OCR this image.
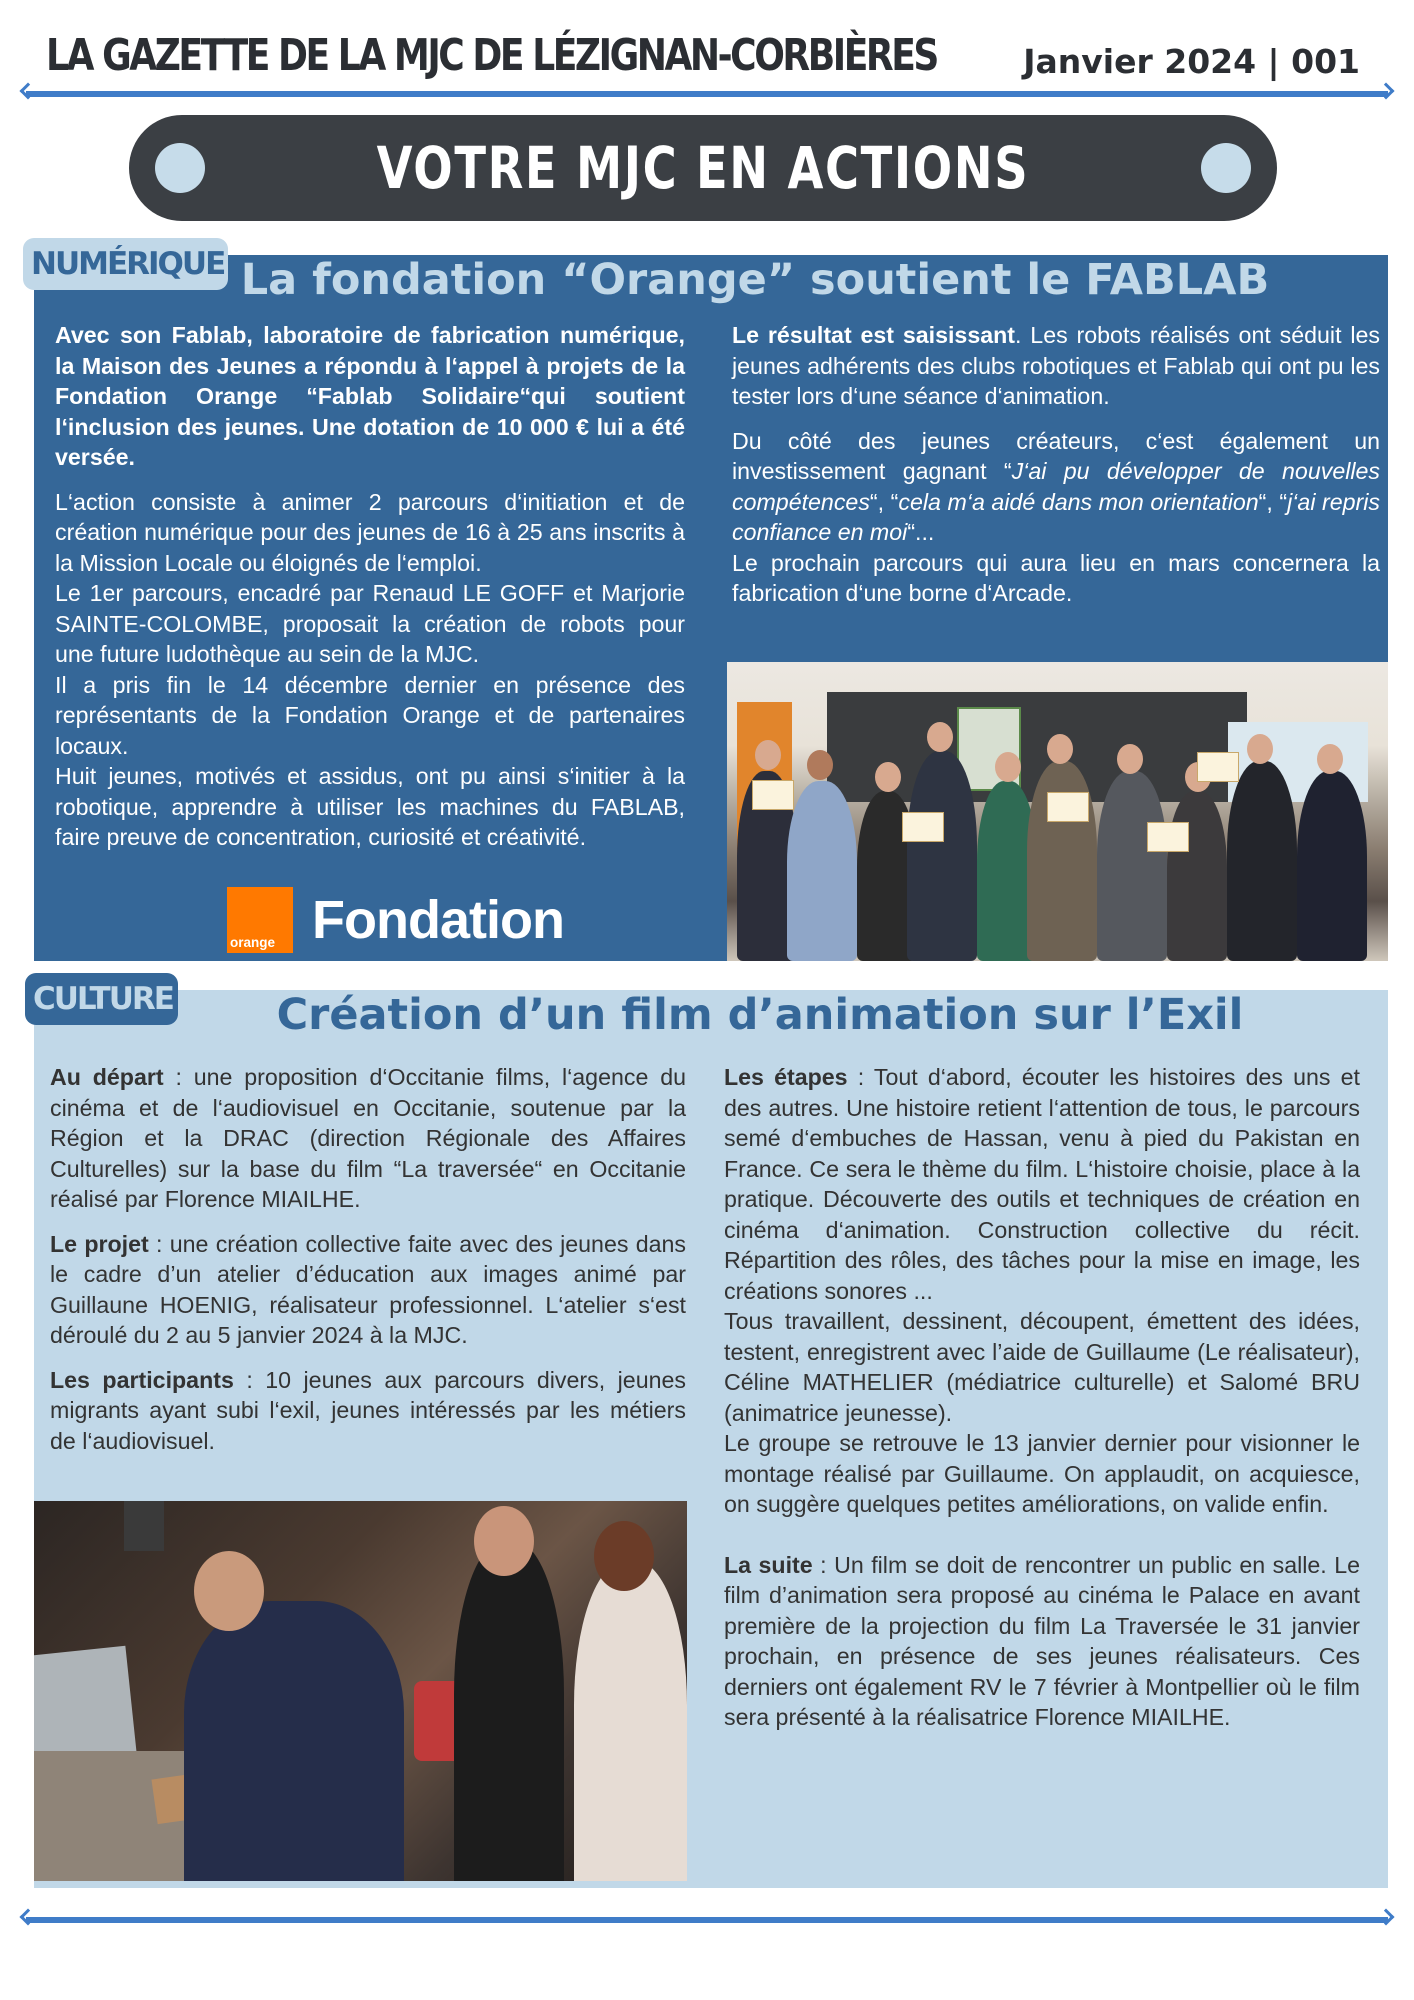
LA GAZETTE DE LA MJC DE LÉZIGNAN-CORBIÈRES	Janvier 2024 | 001
VOTRE MJC EN ACTIONS

Avec son Fablab, laboratoire de fabrication numérique, la Maison des Jeunes a répondu à l‘appel à projets de la Fondation Orange “Fablab Solidaire“qui soutient l‘inclusion des jeunes. Une dotation de 10 000 € lui a été versée.

L‘action consiste à animer 2 parcours d‘initiation et de création numérique pour des jeunes de 16 à 25 ans inscrits à la Mission Locale ou éloignés de l‘emploi.

Le 1er parcours, encadré par Renaud LE GOFF et Marjorie SAINTE-COLOMBE, proposait la création de robots pour une future ludothèque au sein de la MJC.

Il a pris fin le 14 décembre dernier en présence des représentants de la Fondation Orange et de partenaires locaux.

Huit jeunes, motivés et assidus, ont pu ainsi s‘initier à la robotique, apprendre à utiliser les machines du FABLAB, faire preuve de concentration, curiosité et créativité.

Le résultat est saisissant. Les robots réalisés ont séduit les jeunes adhérents des clubs robotiques et Fablab qui ont pu les tester lors d‘une séance d‘animation.

Du côté des jeunes créateurs, c‘est également un investissement gagnant “J‘ai pu développer de nouvelles compétences“, “cela m‘a aidé dans mon orientation“, “j‘ai repris confiance en moi“...

Le prochain parcours qui aura lieu en mars concernera la fabrication d‘une borne d‘Arcade.

orange Fondation
NUMÉRIQUE La fondation “Orange” soutient le FABLAB

Au départ : une proposition d‘Occitanie films, l‘agence du cinéma et de l‘audiovisuel en Occitanie, soutenue par la Région et la DRAC (direction Régionale des Affaires Culturelles) sur la base du film “La traversée“ en Occitanie réalisé par Florence MIAILHE.

Le projet : une création collective faite avec des jeunes dans le cadre d’un atelier d’éducation aux images animé par Guillaune HOENIG, réalisateur professionnel. L‘atelier s‘est déroulé du 2 au 5 janvier 2024 à la MJC.

Les participants : 10 jeunes aux parcours divers, jeunes migrants ayant subi l‘exil, jeunes intéressés par les métiers de l‘audiovisuel.

Les étapes : Tout d‘abord, écouter les histoires des uns et des autres. Une histoire retient l‘attention de tous, le parcours semé d‘embuches de Hassan, venu à pied du Pakistan en France. Ce sera le thème du film. L‘histoire choisie, place à la pratique. Découverte des outils et techniques de création en cinéma d‘animation. Construction collective du récit. Répartition des rôles, des tâches pour la mise en image, les créations sonores ...

Tous travaillent, dessinent, découpent, émettent des idées, testent, enregistrent avec l’aide de Guillaume (Le réalisateur), Céline MATHELIER (médiatrice culturelle) et Salomé BRU (animatrice jeunesse).

Le groupe se retrouve le 13 janvier dernier pour visionner le montage réalisé par Guillaume. On applaudit, on acquiesce, on suggère quelques petites améliorations, on valide enfin.

La suite : Un film se doit de rencontrer un public en salle. Le film d’animation sera proposé au cinéma le Palace en avant première de la projection du film La Traversée le 31 janvier prochain, en présence de ses jeunes réalisateurs. Ces derniers ont également RV le 7 février à Montpellier où le film sera présenté à la réalisatrice Florence MIAILHE.

CULTURE	Création d’un film d’animation sur l’Exil
